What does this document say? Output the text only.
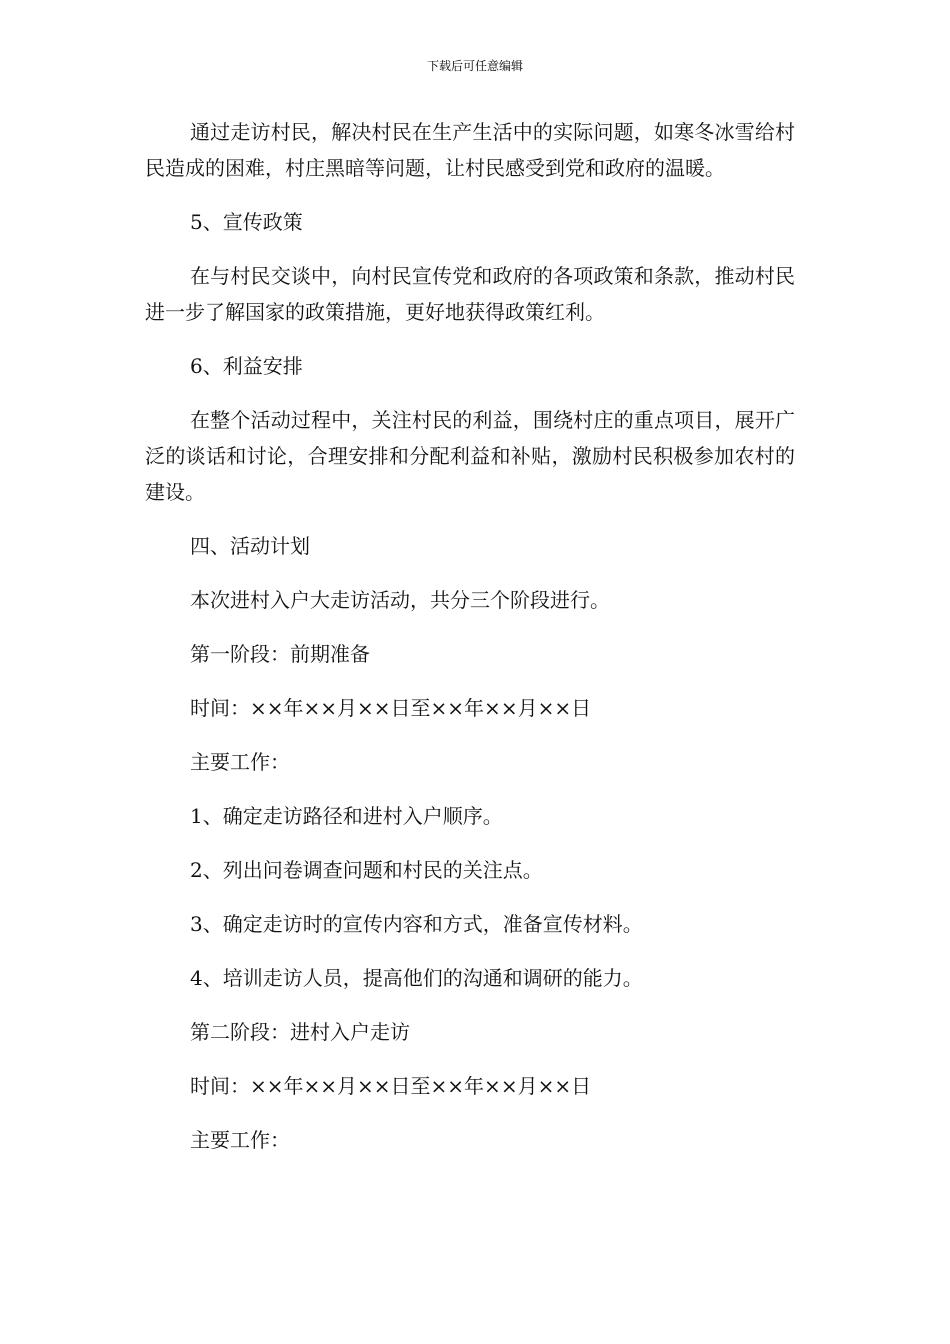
下载后可任意编辑

通过走访村民，解决村民在生产生活中的实际问题，如寒冬冰雪给村民造成的困难，村庄黑暗等问题，让村民感受到党和政府的温暖。

5、宣传政策

在与村民交谈中，向村民宣传党和政府的各项政策和条款，推动村民进一步了解国家的政策措施，更好地获得政策红利。

6、利益安排

在整个活动过程中，关注村民的利益，围绕村庄的重点项目，展开广泛的谈话和讨论，合理安排和分配利益和补贴，激励村民积极参加农村的建设。

四、活动计划

本次进村入户大走访活动，共分三个阶段进行。

第一阶段：前期准备

时间：××年××月××日至××年××月××日

主要工作：

1、确定走访路径和进村入户顺序。

2、列出问卷调查问题和村民的关注点。

3、确定走访时的宣传内容和方式，准备宣传材料。

4、培训走访人员，提高他们的沟通和调研的能力。

第二阶段：进村入户走访

时间：××年××月××日至××年××月××日

主要工作：
